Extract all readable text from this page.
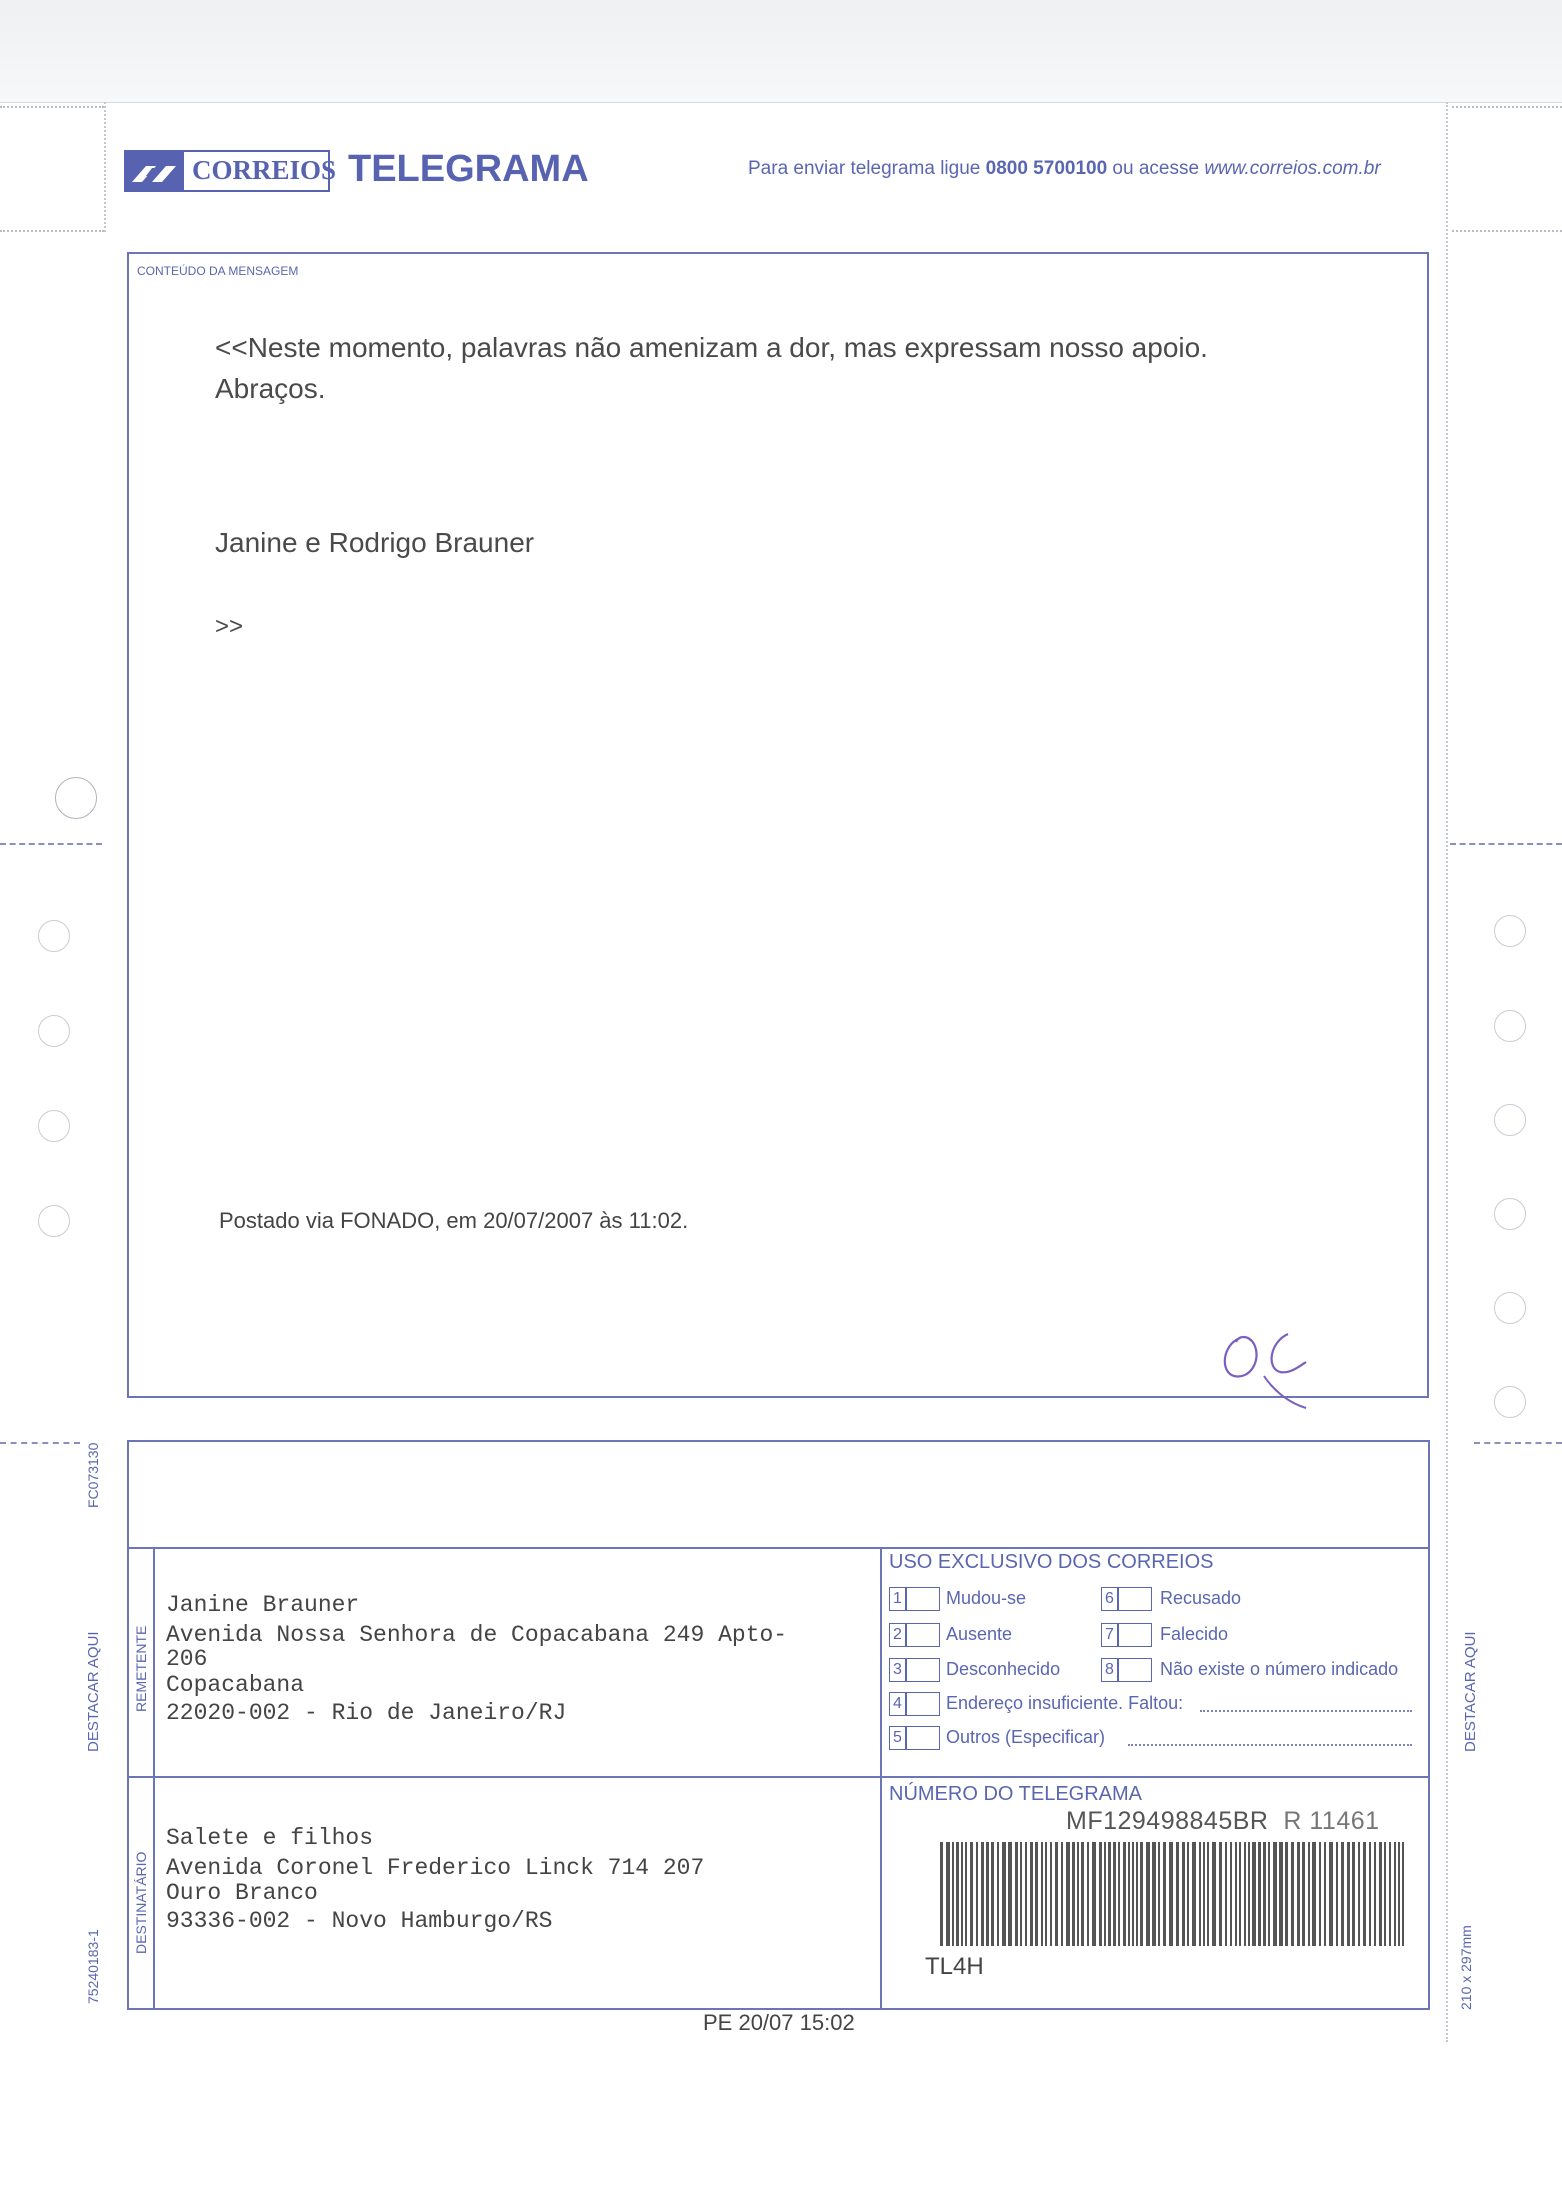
CORREIOS TELEGRAMA	Para enviar telegrama ligue 0800 5700100 ou acesse www.correios.com.br
CONTEÚDO DA MENSAGEM
<<Neste momento, palavras não amenizam a dor, mas expressam nosso apoio.
Abraços.
Janine e Rodrigo Brauner
>>
Postado via FONADO, em 20/07/2007 às 11:02.
REMETENTE
DESTINATÁRIO
FC073130
DESTACAR AQUI
75240183-1
DESTACAR AQUI
210 x 297mm
Janine Brauner
Avenida Nossa Senhora de Copacabana 249 Apto-
206
Copacabana
22020-002 - Rio de Janeiro/RJ
Salete e filhos
Avenida Coronel Frederico Linck 714 207
Ouro Branco
93336-002 - Novo Hamburgo/RS
USO EXCLUSIVO DOS CORREIOS
1 Mudou-se
2 Ausente
3 Desconhecido
4 Endereço insuficiente. Faltou:
5 Outros (Especificar)
6	Recusado
7	Falecido
8	Não existe o número indicado
NÚMERO DO TELEGRAMA
MF129498845BR R 11461
TL4H
PE 20/07 15:02
